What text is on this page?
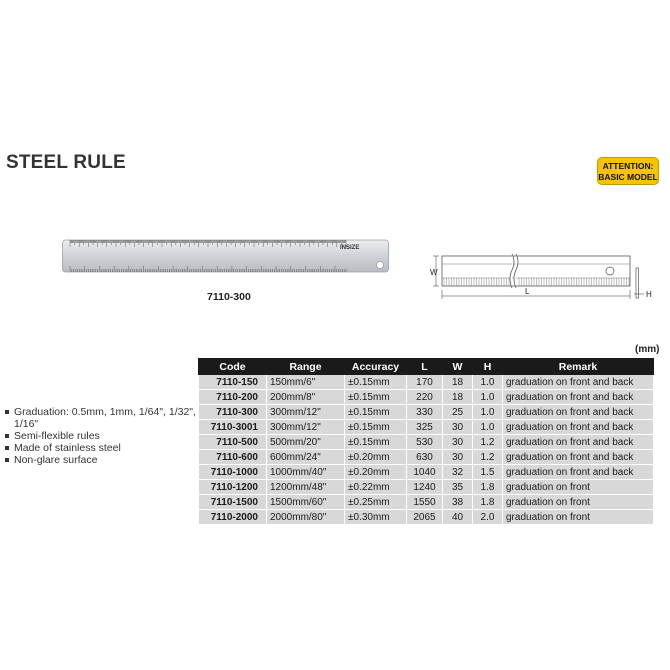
STEEL RULE	ATTENTION:
BASIC MODEL
INSIZE
7110-300
W
L	H
(mm)
Graduation: 0.5mm, 1mm, 1/64", 1/32", 1/16"
Semi-flexible rules
Made of stainless steel
Non-glare surface
Code	Range	Accuracy	L	W	H	Remark
7110-150	150mm/6"	±0.15mm	170	18	1.0	graduation on front and back
7110-200	200mm/8"	±0.15mm	220	18	1.0	graduation on front and back
7110-300	300mm/12"	±0.15mm	330	25	1.0	graduation on front and back
7110-3001	300mm/12"	±0.15mm	325	30	1.0	graduation on front and back
7110-500	500mm/20"	±0.15mm	530	30	1.2	graduation on front and back
7110-600	600mm/24"	±0.20mm	630	30	1.2	graduation on front and back
7110-1000	1000mm/40"	±0.20mm	1040	32	1.5	graduation on front and back
7110-1200	1200mm/48"	±0.22mm	1240	35	1.8	graduation on front
7110-1500	1500mm/60"	±0.25mm	1550	38	1.8	graduation on front
7110-2000	2000mm/80"	±0.30mm	2065	40	2.0	graduation on front
